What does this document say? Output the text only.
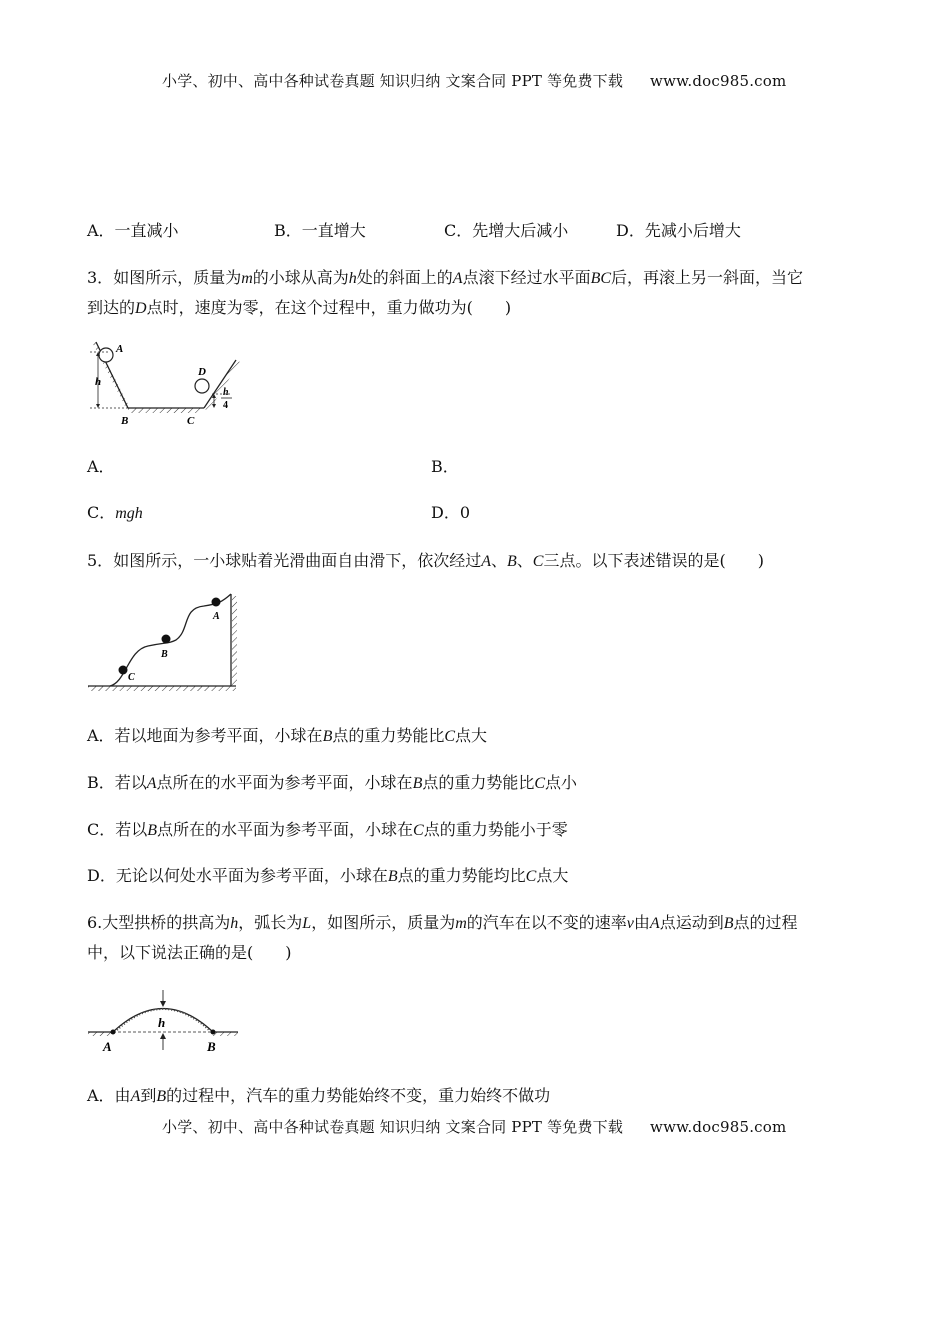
小学、初中、高中各种试卷真题 知识归纳 文案合同 PPT 等免费下载 www.doc985.com
A．一直减小	B．一直增大	C．先增大后减小	D．先减小后增大
3．如图所示，质量为m的小球从高为h处的斜面上的A点滚下经过水平面BC后，再滚上另一斜面，当它
到达的D点时，速度为零，在这个过程中，重力做功为(　　)
A
h
B	C
D
h
4
A．	B．
C．mgh	D．0
5．如图所示，一小球贴着光滑曲面自由滑下，依次经过A、B、C三点。以下表述错误的是(　　)
C
B
A
A．若以地面为参考平面，小球在B点的重力势能比C点大
B．若以A点所在的水平面为参考平面，小球在B点的重力势能比C点小
C．若以B点所在的水平面为参考平面，小球在C点的重力势能小于零
D．无论以何处水平面为参考平面，小球在B点的重力势能均比C点大
6.大型拱桥的拱高为h，弧长为L，如图所示，质量为m的汽车在以不变的速率v由A点运动到B点的过程
中，以下说法正确的是(　　)
h
A	B
A．由A到B的过程中，汽车的重力势能始终不变，重力始终不做功
小学、初中、高中各种试卷真题 知识归纳 文案合同 PPT 等免费下载 www.doc985.com
